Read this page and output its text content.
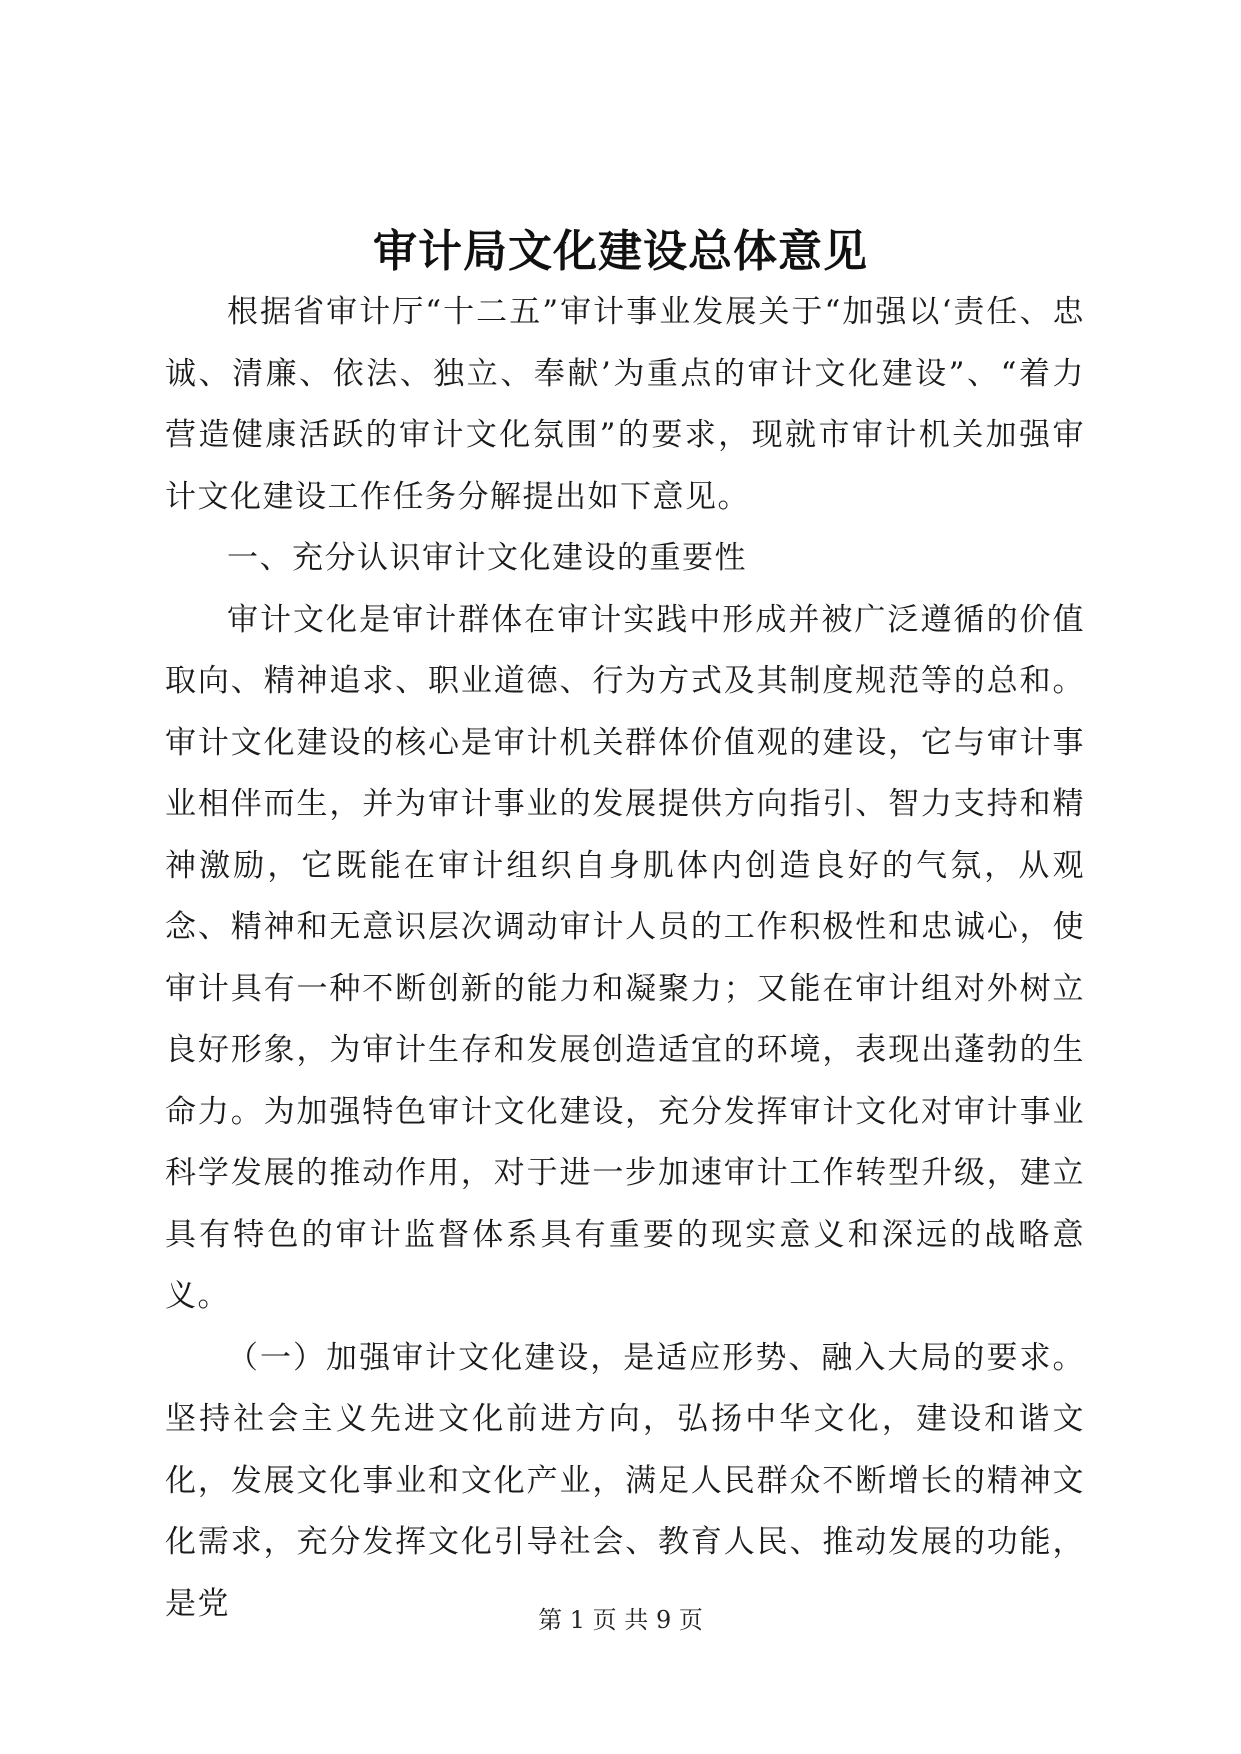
审计局文化建设总体意见

根据省审计厅“十二五”审计事业发展关于“加强以‘责任、忠诚、清廉、依法、独立、奉献’为重点的审计文化建设”、“着力营造健康活跃的审计文化氛围”的要求，现就市审计机关加强审计文化建设工作任务分解提出如下意见。

一、充分认识审计文化建设的重要性

审计文化是审计群体在审计实践中形成并被广泛遵循的价值取向、精神追求、职业道德、行为方式及其制度规范等的总和。审计文化建设的核心是审计机关群体价值观的建设，它与审计事业相伴而生，并为审计事业的发展提供方向指引、智力支持和精神激励，它既能在审计组织自身肌体内创造良好的气氛，从观念、精神和无意识层次调动审计人员的工作积极性和忠诚心，使审计具有一种不断创新的能力和凝聚力；又能在审计组对外树立良好形象，为审计生存和发展创造适宜的环境，表现出蓬勃的生命力。为加强特色审计文化建设，充分发挥审计文化对审计事业科学发展的推动作用，对于进一步加速审计工作转型升级，建立具有特色的审计监督体系具有重要的现实意义和深远的战略意义。

（一）加强审计文化建设，是适应形势、融入大局的要求。坚持社会主义先进文化前进方向，弘扬中华文化，建设和谐文化，发展文化事业和文化产业，满足人民群众不断增长的精神文化需求，充分发挥文化引导社会、教育人民、推动发展的功能，是党	第 1 页 共 9 页
